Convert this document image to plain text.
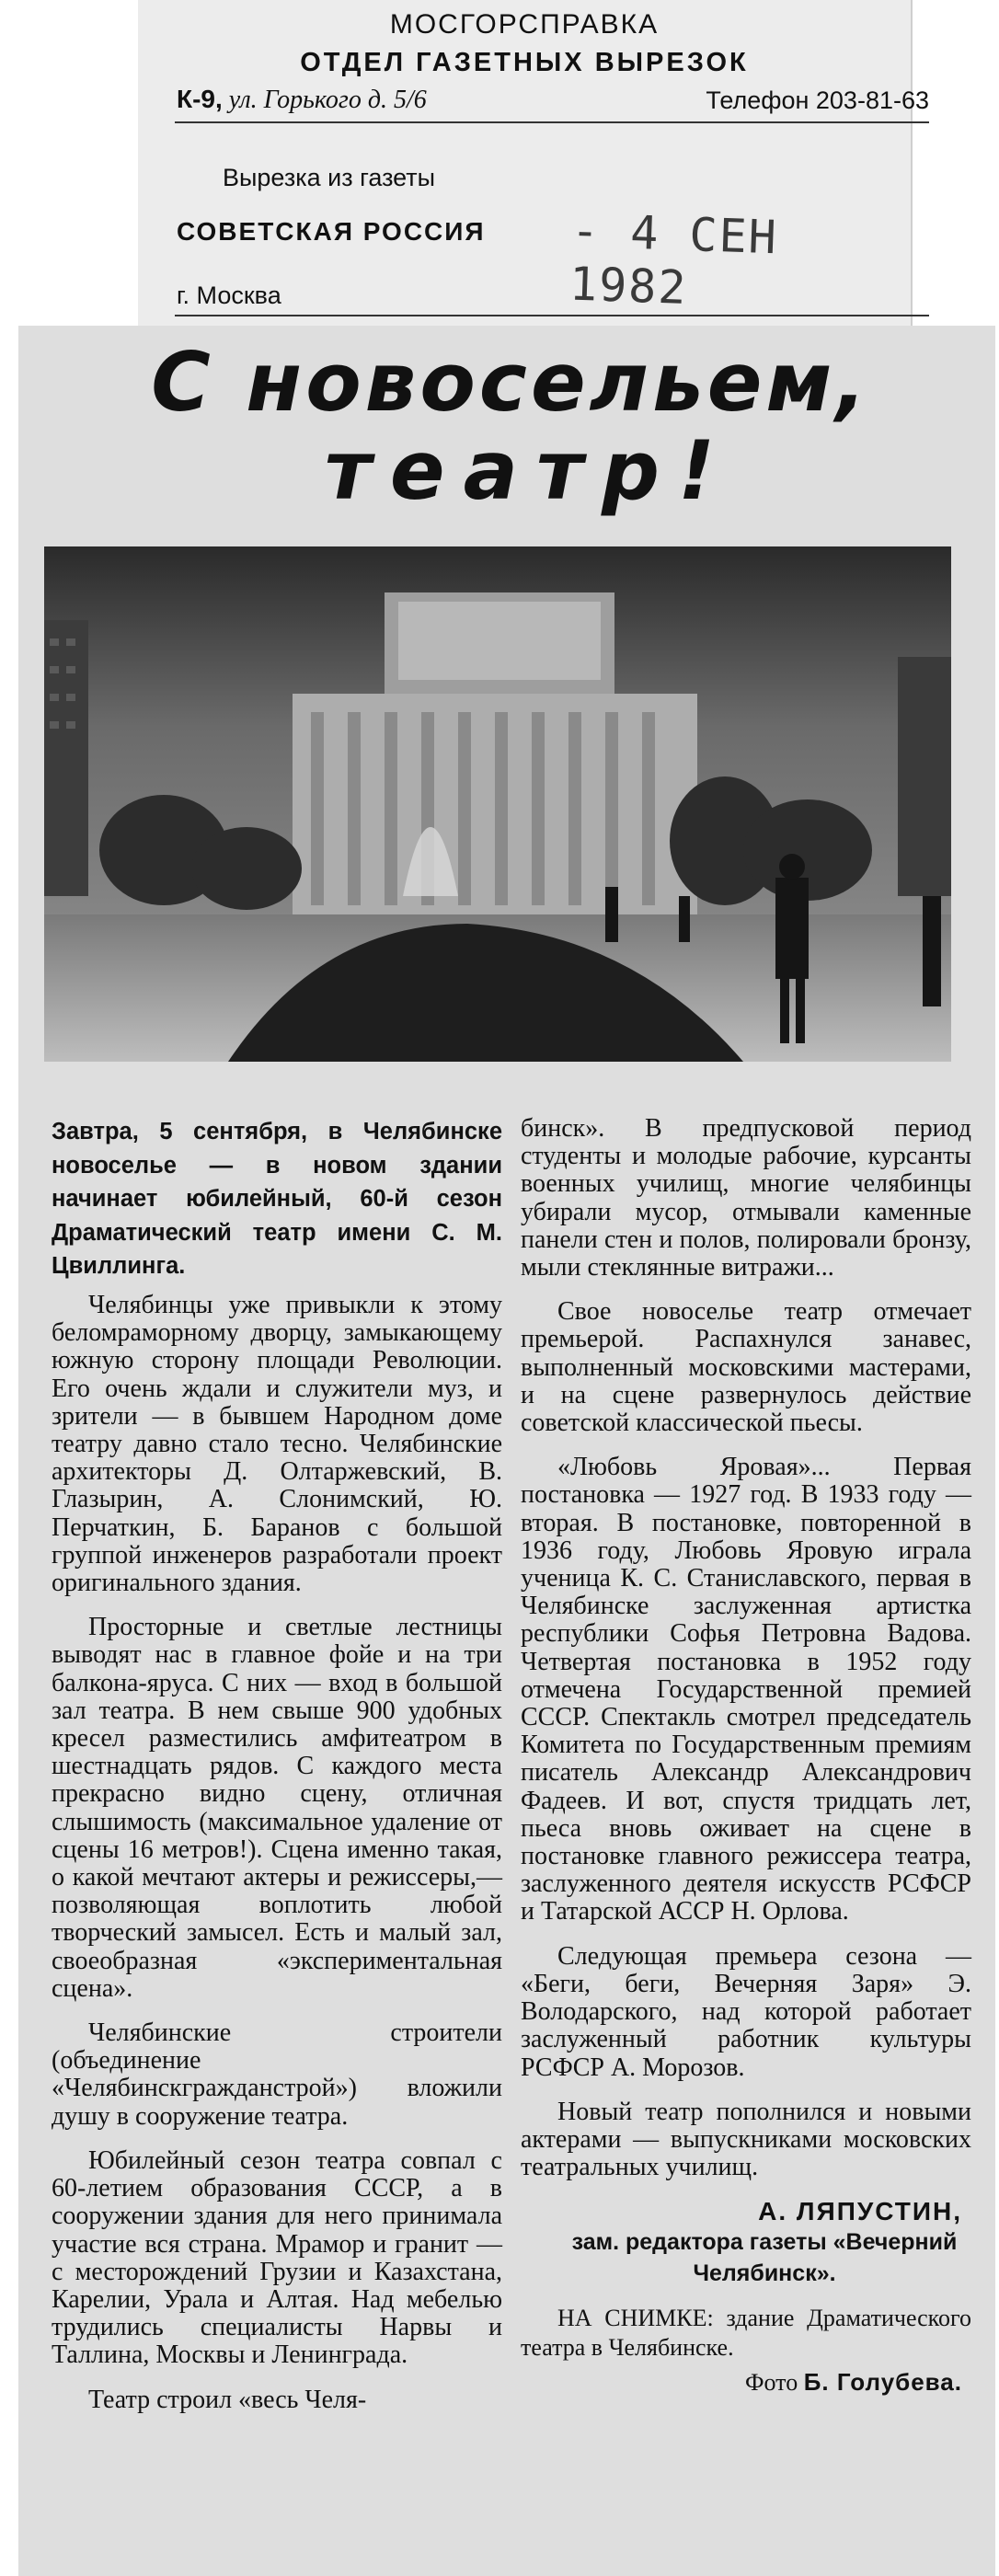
МОСГОРСПРАВКА
ОТДЕЛ ГАЗЕТНЫХ ВЫРЕЗОК
К-9, ул. Горького д. 5/6	Телефон 203-81-63
Вырезка из газеты
СОВЕТСКАЯ РОССИЯ - 4 СЕН 1982
г. Москва
С новосельем,
театр!
Завтра, 5 сентября, в Челябинске новоселье — в новом здании начинает юбилейный, 60-й сезон Драматический театр имени С. М. Цвиллинга.

Челябинцы уже привыкли к этому беломраморному дворцу, замыкающему южную сторону площади Революции. Его очень ждали и служители муз, и зрители — в бывшем Народном доме театру давно стало тесно. Челябинские архитекторы Д. Олтаржевский, В. Глазырин, А. Слонимский, Ю. Перчаткин, Б. Баранов с большой группой инженеров разработали проект оригинального здания.

Просторные и светлые лестницы выводят нас в главное фойе и на три балкона-яруса. С них — вход в большой зал театра. В нем свыше 900 удобных кресел разместились амфитеатром в шестнадцать рядов. С каждого места прекрасно видно сцену, отличная слышимость (максимальное удаление от сцены 16 метров!). Сцена именно такая, о какой мечтают актеры и режиссеры,— позволяющая воплотить любой творческий замысел. Есть и малый зал, своеобразная «экспериментальная сцена».

Челябинские строители (объединение «Челябинскгражданстрой») вложили душу в сооружение театра.

Юбилейный сезон театра совпал с 60-летием образования СССР, а в сооружении здания для него принимала участие вся страна. Мрамор и гранит — с месторождений Грузии и Казахстана, Карелии, Урала и Алтая. Над мебелью трудились специалисты Нарвы и Таллина, Москвы и Ленинграда.

Театр строил «весь Челя-

бинск». В предпусковой период студенты и молодые рабочие, курсанты военных училищ, многие челябинцы убирали мусор, отмывали каменные панели стен и полов, полировали бронзу, мыли стеклянные витражи...

Свое новоселье театр отмечает премьерой. Распахнулся занавес, выполненный московскими мастерами, и на сцене развернулось действие советской классической пьесы.

«Любовь Яровая»... Первая постановка — 1927 год. В 1933 году — вторая. В постановке, повторенной в 1936 году, Любовь Яровую играла ученица К. С. Станиславского, первая в Челябинске заслуженная артистка республики Софья Петровна Вадова. Четвертая постановка в 1952 году отмечена Государственной премией СССР. Спектакль смотрел председатель Комитета по Государственным премиям писатель Александр Александрович Фадеев. И вот, спустя тридцать лет, пьеса вновь оживает на сцене в постановке главного режиссера театра, заслуженного деятеля искусств РСФСР и Татарской АССР Н. Орлова.

Следующая премьера сезона — «Беги, беги, Вечерняя Заря» Э. Володарского, над которой работает заслуженный работник культуры РСФСР А. Морозов.

Новый театр пополнился и новыми актерами — выпускниками московских театральных училищ.

А. ЛЯПУСТИН,
зам. редактора газеты «Вечерний Челябинск».
НА СНИМКЕ: здание Драматического театра в Челябинске.
Фото Б. Голубева.
